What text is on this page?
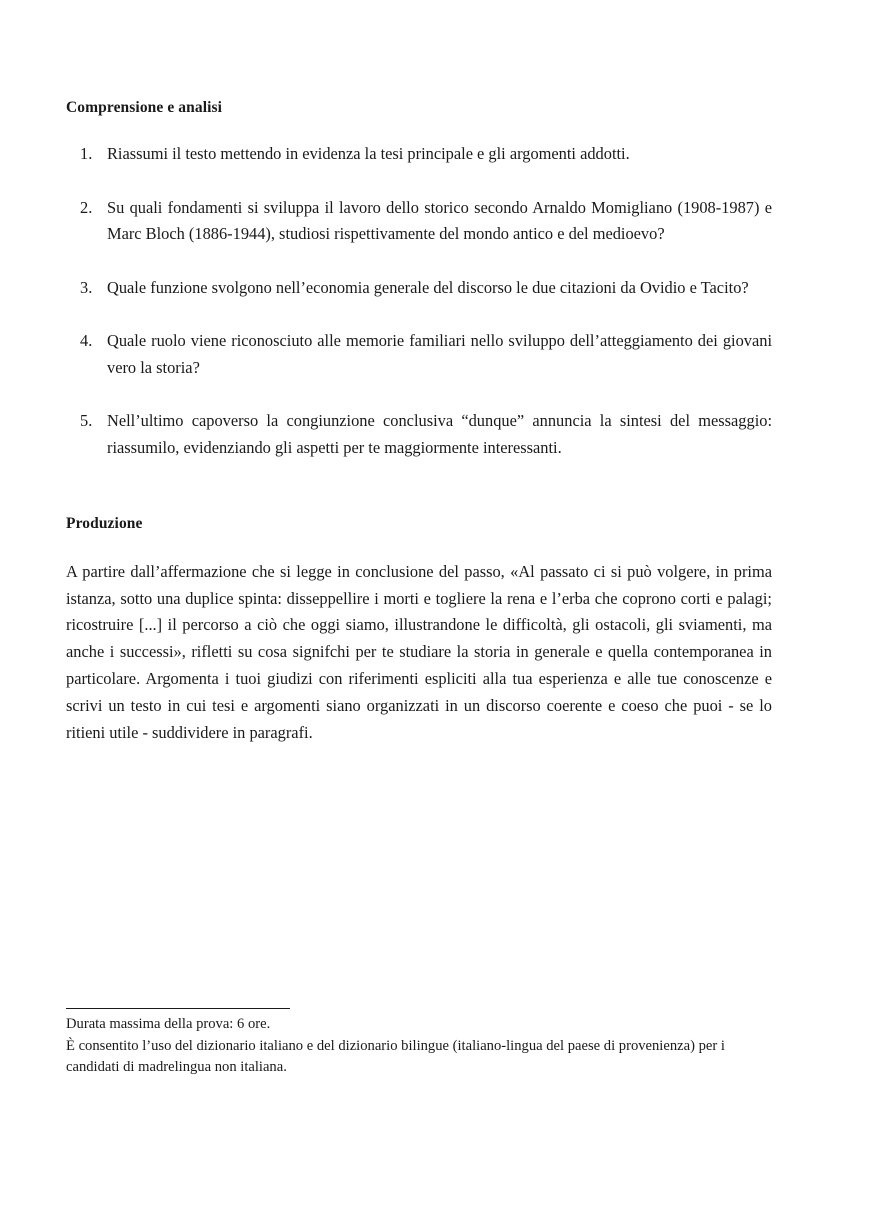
Comprensione e analisi
1. Riassumi il testo mettendo in evidenza la tesi principale e gli argomenti addotti.
2. Su quali fondamenti si sviluppa il lavoro dello storico secondo Arnaldo Momigliano (1908-1987) e Marc Bloch (1886-1944), studiosi rispettivamente del mondo antico e del medioevo?
3. Quale funzione svolgono nell’economia generale del discorso le due citazioni da Ovidio e Tacito?
4. Quale ruolo viene riconosciuto alle memorie familiari nello sviluppo dell’atteggiamento dei giovani vero la storia?
5. Nell’ultimo capoverso la congiunzione conclusiva “dunque” annuncia la sintesi del messaggio: riassumilo, evidenziando gli aspetti per te maggiormente interessanti.
Produzione

A partire dall’affermazione che si legge in conclusione del passo, «Al passato ci si può volgere, in prima istanza, sotto una duplice spinta: disseppellire i morti e togliere la rena e l’erba che coprono corti e palagi; ricostruire [...] il percorso a ciò che oggi siamo, illustrandone le difficoltà, gli ostacoli, gli sviamenti, ma anche i successi», rifletti su cosa signifchi per te studiare la storia in generale e quella contemporanea in particolare. Argomenta i tuoi giudizi con riferimenti espliciti alla tua esperienza e alle tue conoscenze e scrivi un testo in cui tesi e argomenti siano organizzati in un discorso coerente e coeso che puoi - se lo ritieni utile - suddividere in paragrafi.

Durata massima della prova: 6 ore.

È consentito l’uso del dizionario italiano e del dizionario bilingue (italiano-lingua del paese di provenienza) per i candidati di madrelingua non italiana.
